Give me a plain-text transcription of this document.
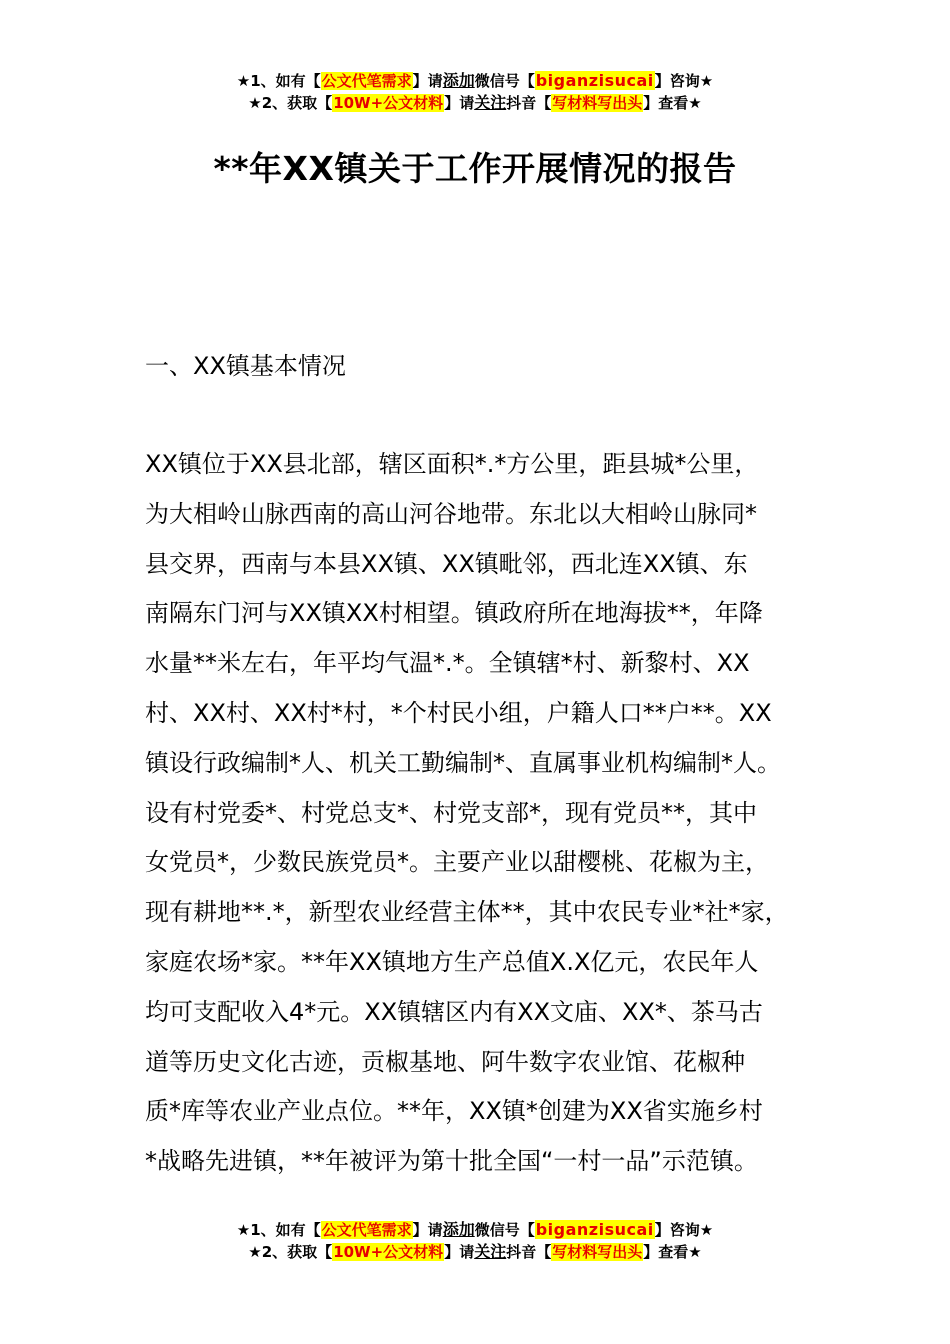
★1、如有【公文代笔需求】请添加微信号【biganzisucai】咨询★
★2、获取【10W+公文材料】请关注抖音【写材料写出头】查看★
**年XX镇关于工作开展情况的报告
一、XX镇基本情况
XX镇位于XX县北部，辖区面积*.*方公里，距县城*公里，
为大相岭山脉西南的高山河谷地带。东北以大相岭山脉同*
县交界，西南与本县XX镇、XX镇毗邻，西北连XX镇、东
南隔东门河与XX镇XX村相望。镇政府所在地海拔**，年降
水量**米左右，年平均气温*.*。全镇辖*村、新黎村、XX
村、XX村、XX村*村，*个村民小组，户籍人口**户**。XX
镇设行政编制*人、机关工勤编制*、直属事业机构编制*人。
设有村党委*、村党总支*、村党支部*，现有党员**，其中
女党员*，少数民族党员*。主要产业以甜樱桃、花椒为主，
现有耕地**.*，新型农业经营主体**，其中农民专业*社*家，
家庭农场*家。**年XX镇地方生产总值X.X亿元，农民年人
均可支配收入4*元。XX镇辖区内有XX文庙、XX*、茶马古
道等历史文化古迹，贡椒基地、阿牛数字农业馆、花椒种
质*库等农业产业点位。**年，XX镇*创建为XX省实施乡村
*战略先进镇，**年被评为第十批全国“一村一品”示范镇。
★1、如有【公文代笔需求】请添加微信号【biganzisucai】咨询★
★2、获取【10W+公文材料】请关注抖音【写材料写出头】查看★
